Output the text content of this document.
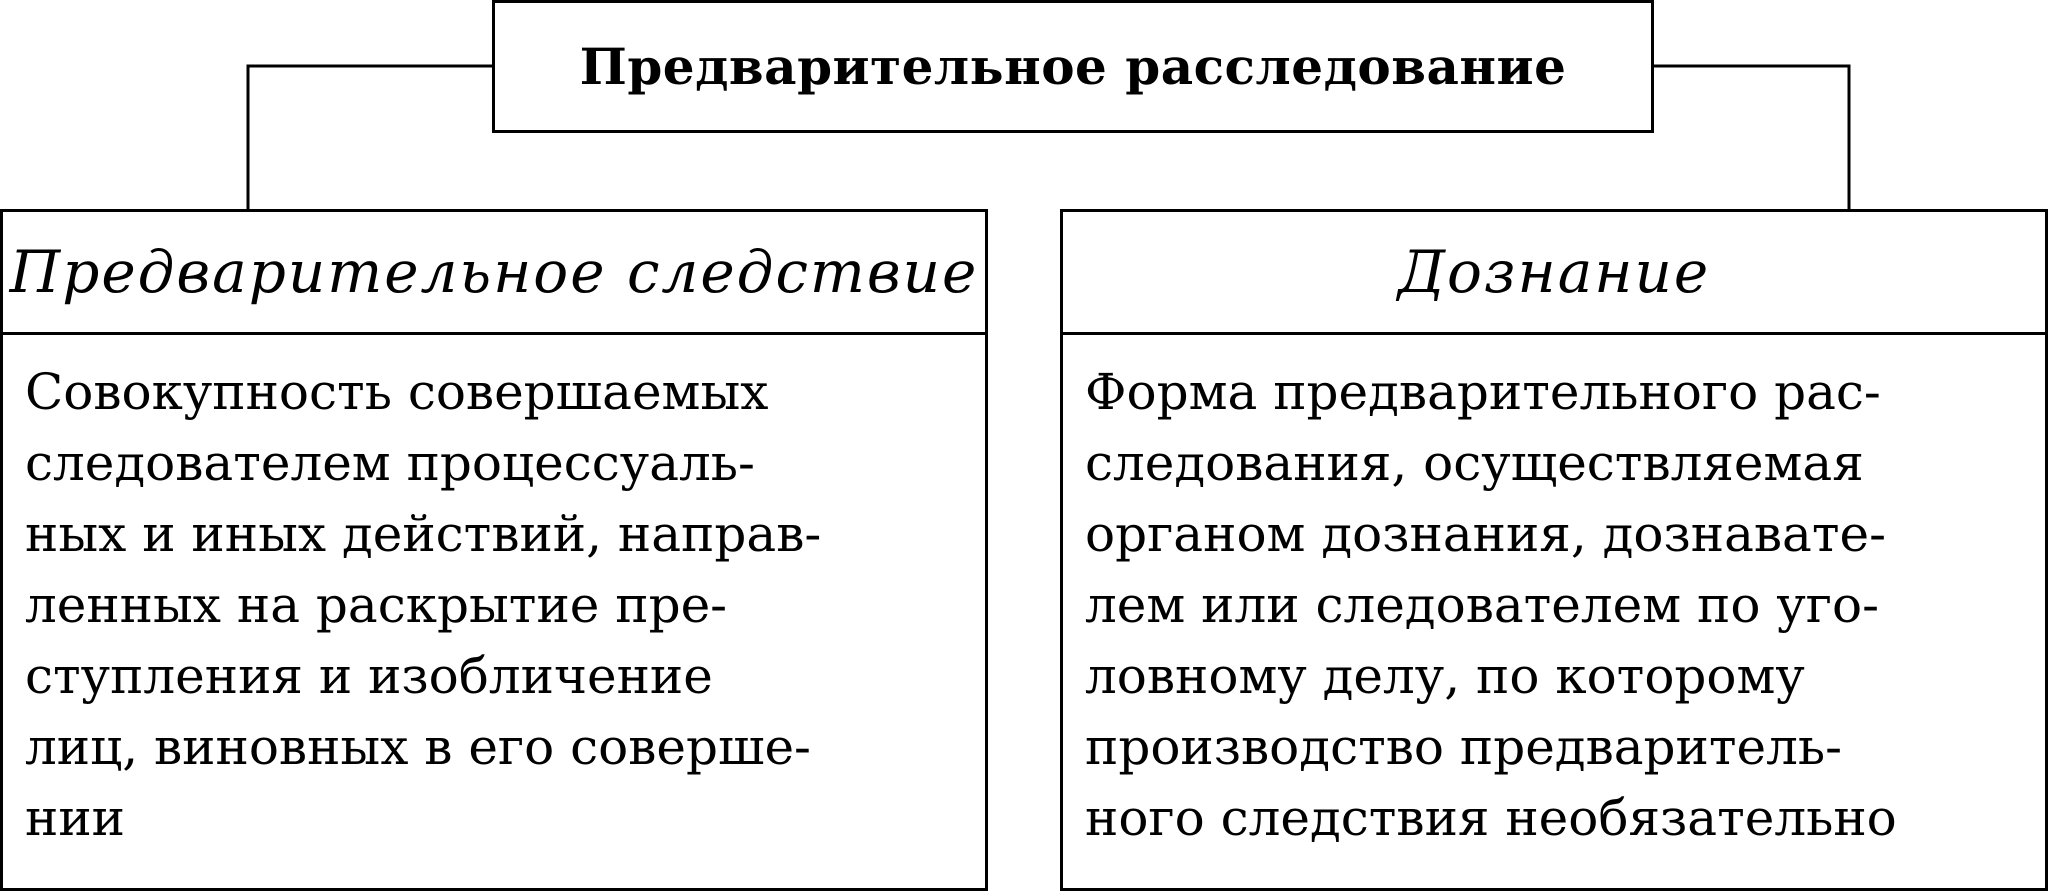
Предварительное расследование
Предварительное следствие
Совокупность совершаемых
следователем процессуаль-
ных и иных действий, направ-
ленных на раскрытие пре-
ступления и изобличение
лиц, виновных в его соверше-
нии
Дознание
Форма предварительного рас-
следования, осуществляемая
органом дознания, дознавате-
лем или следователем по уго-
ловному делу, по которому
производство предваритель-
ного следствия необязательно
